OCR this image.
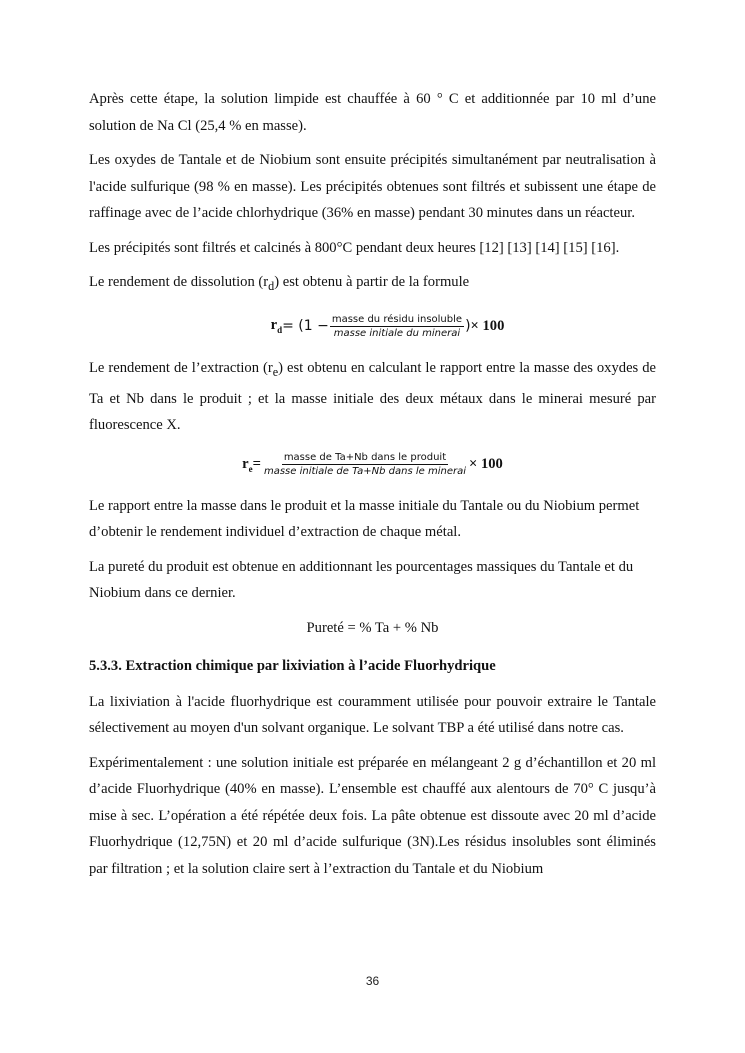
Après cette étape, la solution limpide est chauffée à 60 ° C et additionnée par 10 ml d’une solution de Na Cl (25,4 % en masse).

Les oxydes de Tantale et de Niobium sont ensuite précipités simultanément par neutralisation à l'acide sulfurique (98 % en masse). Les précipités obtenues sont filtrés et subissent une étape de raffinage avec de l’acide chlorhydrique (36% en masse) pendant 30 minutes dans un réacteur.

Les précipités sont filtrés et calcinés à 800°C pendant deux heures [12] [13] [14] [15] [16].

Le rendement de dissolution $(r_d)$ est obtenu à partir de la formule

$r_d = (1 - \frac{\text{masse du résidu insoluble}}{\text{masse initiale du minerai}}$ ) × 100

Le rendement de l’extraction $(r_e)$ est obtenu en calculant le rapport entre la masse des oxydes de Ta et Nb dans le produit ; et la masse initiale des deux métaux dans le minerai mesuré par fluorescence X.

$r_e= \frac{\text{masse de Ta+Nb dans le produit}}{\text{masse initiale de Ta+Nb dans le minerai}} \times 100$

Le rapport entre la masse dans le produit et la masse initiale du Tantale ou du Niobium permet d’obtenir le rendement individuel d’extraction de chaque métal.

La pureté du produit est obtenue en additionnant les pourcentages massiques du Tantale et du Niobium dans ce dernier.

Pureté = % Ta + % Nb

5.3.3. Extraction chimique par lixiviation à l’acide Fluorhydrique

La lixiviation à l'acide fluorhydrique est couramment utilisée pour pouvoir extraire le Tantale sélectivement au moyen d'un solvant organique. Le solvant TBP a été utilisé dans notre cas.

Expérimentalement : une solution initiale est préparée en mélangeant 2 g d’échantillon et 20 ml d’acide Fluorhydrique (40% en masse). L’ensemble est chauffé aux alentours de 70° C jusqu’à mise à sec. L’opération a été répétée deux fois. La pâte obtenue est dissoute avec 20 ml d’acide Fluorhydrique (12,75N) et 20 ml d’acide sulfurique (3N).Les résidus insolubles sont éliminés par filtration ; et la solution claire sert à l’extraction du Tantale et du Niobium

36
